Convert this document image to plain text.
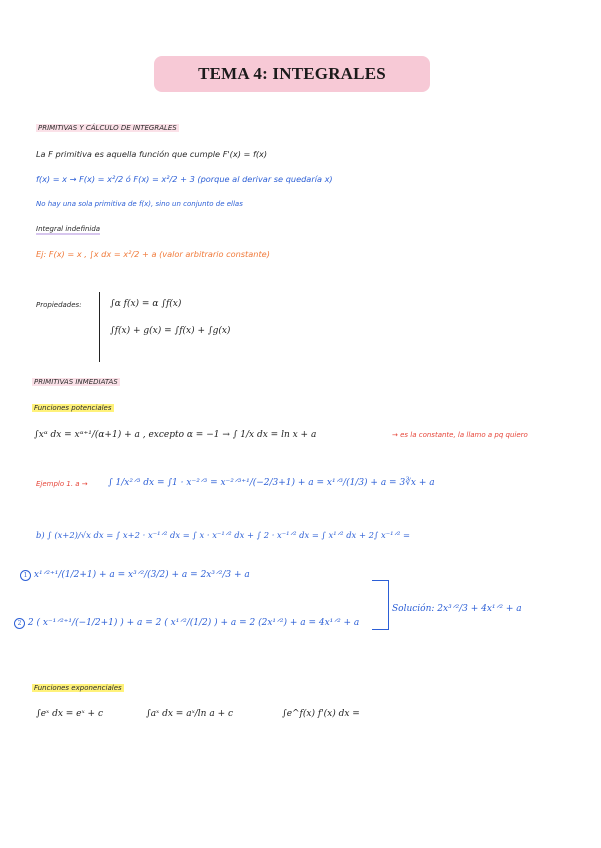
TEMA 4: INTEGRALES
PRIMITIVAS Y CÁLCULO DE INTEGRALES
La F primitiva es aquella función que cumple F'(x) = f(x)
f(x) = x → F(x) = x²/2 ó F(x) = x²/2 + 3 (porque al derivar se quedaría x)
No hay una sola primitiva de f(x), sino un conjunto de ellas
Integral indefinida
Ej: F(x) = x , ∫x dx = x²/2 + a (valor arbitrario constante)
Propiedades:	∫α f(x) = α ∫f(x)
∫f(x) + g(x) = ∫f(x) + ∫g(x)
PRIMITIVAS INMEDIATAS
Funciones potenciales
∫xᵅ dx = xᵅ⁺¹/(α+1) + a , excepto α = −1 → ∫ 1/x dx = ln x + a	→ es la constante, la llamo a pq quiero
Ejemplo 1. a → ∫ 1/x²ᐟ³ dx = ∫1 · x⁻²ᐟ³ = x⁻²ᐟ³⁺¹/(−2/3+1) + a = x¹ᐟ³/(1/3) + a = 3∛x + a
b) ∫ (x+2)/√x dx = ∫ x+2 · x⁻¹ᐟ² dx = ∫ x · x⁻¹ᐟ² dx + ∫ 2 · x⁻¹ᐟ² dx = ∫ x¹ᐟ² dx + 2∫ x⁻¹ᐟ² =
1 x¹ᐟ²⁺¹/(1/2+1) + a = x³ᐟ²/(3/2) + a = 2x³ᐟ²/3 + a
2 2 ( x⁻¹ᐟ²⁺¹/(−1/2+1) ) + a = 2 ( x¹ᐟ²/(1/2) ) + a = 2 (2x¹ᐟ²) + a = 4x¹ᐟ² + a
Solución: 2x³ᐟ²/3 + 4x¹ᐟ² + a
Funciones exponenciales
∫eˣ dx = eˣ + c	∫aˣ dx = aˣ/ln a + c	∫e^f(x) f'(x) dx =
